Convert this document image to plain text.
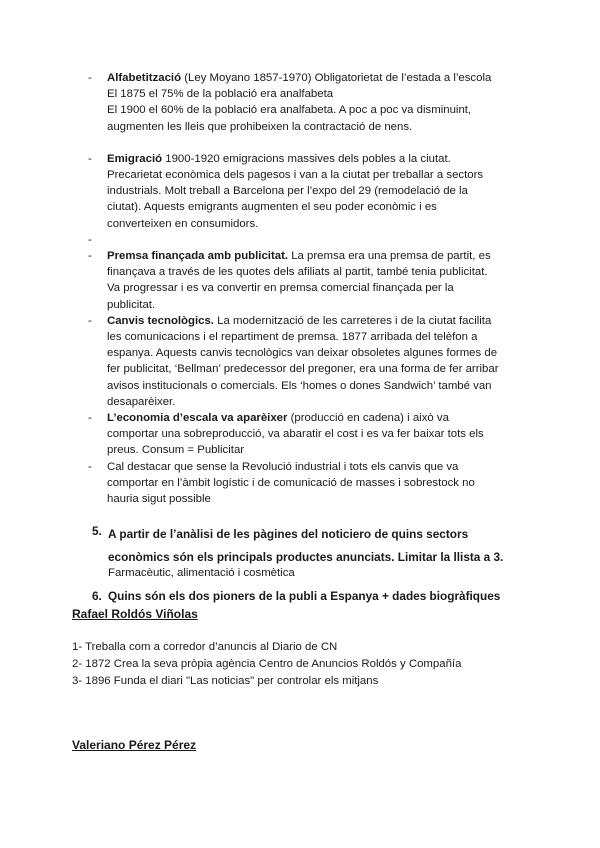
- Alfabetització (Ley Moyano 1857-1970) Obligatorietat de l’estada a l’escola
El 1875 el 75% de la població era analfabeta
El 1900 el 60% de la població era analfabeta. A poc a poc va disminuint,
augmenten les lleis que prohibeixen la contractació de nens.
- Emigració 1900-1920 emigracions massives dels pobles a la ciutat.
Precarietat econòmica dels pagesos i van a la ciutat per treballar a sectors
industrials. Molt treball a Barcelona per l’expo del 29 (remodelació de la
ciutat). Aquests emigrants augmenten el seu poder econòmic i es
converteixen en consumidors.
-

- Premsa finançada amb publicitat. La premsa era una premsa de partit, es
finançava a través de les quotes dels afiliats al partit, també tenia publicitat.
Va progressar i es va convertir en premsa comercial finançada per la
publicitat.
- Canvis tecnològics. La modernització de les carreteres i de la ciutat facilita
les comunicacions i el repartiment de premsa. 1877 arribada del telèfon a
espanya. Aquests canvis tecnològics van deixar obsoletes algunes formes de
fer publicitat, ‘Bellman’ predecessor del pregoner, era una forma de fer arribar
avisos institucionals o comercials. Els ‘homes o dones Sandwich’ també van
desaparèixer.
- L’economia d’escala va aparèixer (producció en cadena) i això va
comportar una sobreproducció, va abaratir el cost i es va fer baixar tots els
preus. Consum = Publicitar
- Cal destacar que sense la Revolució industrial i tots els canvis que va
comportar en l’àmbit logístic i de comunicació de masses i sobrestock no
hauria sigut possible
5. A partir de l’anàlisi de les pàgines del noticiero de quins sectors
econòmics són els principals productes anunciats. Limitar la llista a 3.
Farmacèutic, alimentació i cosmètica
6. Quins són els dos pioners de la publi a Espanya + dades biogràfiques
Rafael Roldós Viñolas
1- Treballa com a corredor d’anuncis al Diario de CN
2- 1872 Crea la seva pròpia agència Centro de Anuncios Roldós y Compañía
3- 1896 Funda el diari "Las noticias" per controlar els mitjans
Valeriano Pérez Pérez
